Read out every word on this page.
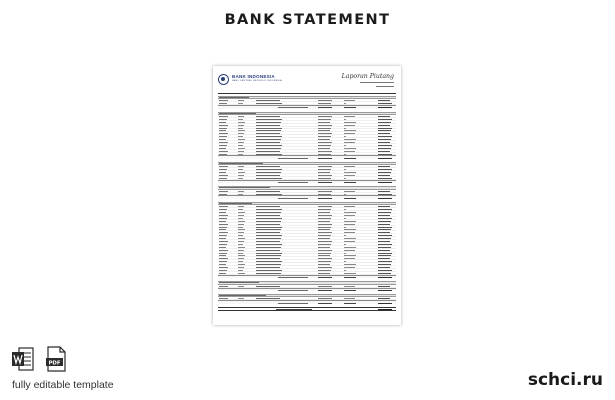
BANK STATEMENT
BANK INDONESIA
BANK SENTRAL REPUBLIK INDONESIA
Laporan Piutang
PDF
fully editable template	schci.ru
